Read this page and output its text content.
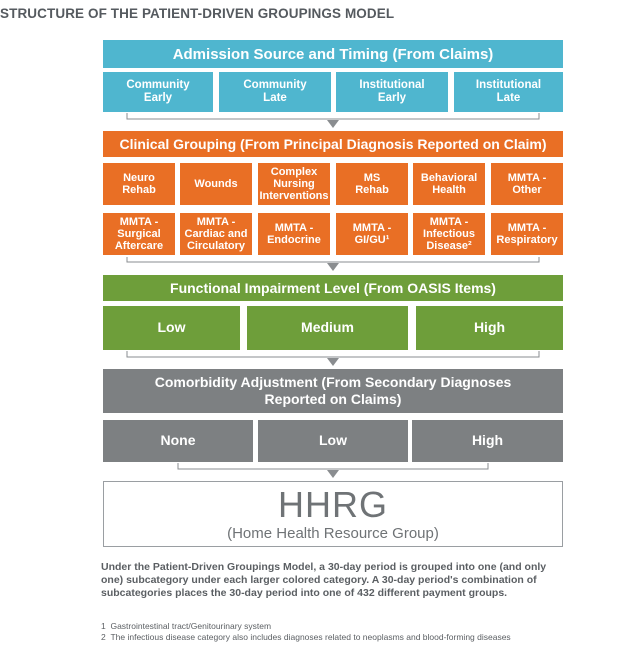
STRUCTURE OF THE PATIENT-DRIVEN GROUPINGS MODEL
Admission Source and Timing (From Claims)
Community
Early
Community
Late
Institutional
Early
Institutional
Late
Clinical Grouping (From Principal Diagnosis Reported on Claim)
Neuro
Rehab
Wounds
Complex
Nursing
Interventions
MS
Rehab
Behavioral
Health
MMTA -
Other
MMTA -
Surgical
Aftercare
MMTA -
Cardiac and
Circulatory
MMTA -
Endocrine
MMTA -
GI/GU¹
MMTA -
Infectious
Disease²
MMTA -
Respiratory
Functional Impairment Level (From OASIS Items)
Low	Medium	High
Comorbidity Adjustment (From Secondary Diagnoses
Reported on Claims)
None	Low	High
HHRG
(Home Health Resource Group)
Under the Patient-Driven Groupings Model, a 30-day period is grouped into one (and only one) subcategory under each larger colored category. A 30-day period's combination of subcategories places the 30-day period into one of 432 different payment groups.
1 Gastrointestinal tract/Genitourinary system
2 The infectious disease category also includes diagnoses related to neoplasms and blood-forming diseases
